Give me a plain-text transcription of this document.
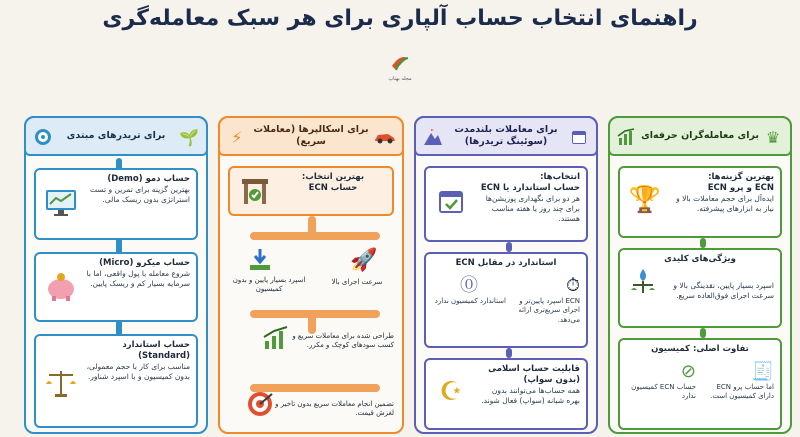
راهنمای انتخاب حساب آلپاری برای هر سبک معامله‌گری
مجله بهتاپ
برای معامله‌گران حرفه‌ای ♛
🏆
بهترین گزینه‌ها:
ECN و پرو ECN
ایده‌آل برای حجم معاملات بالا و نیاز به ابزارهای پیشرفته.
ویژگی‌های کلیدی
اسپرد بسیار پایین، نقدینگی بالا و سرعت اجرای فوق‌العاده سریع.
تفاوت اصلی: کمیسیون
🧾
اما حساب پرو ECN دارای کمیسیون است.
⊘
حساب ECN کمیسیون ندارد
برای معاملات بلندمدت (سوئینگ تریدرها)
انتخاب‌ها:
حساب استاندارد یا ECN
هر دو برای نگهداری پوزیشن‌ها برای چند روز یا هفته مناسب هستند.
استاندارد در مقابل ECN
⏱
ECN اسپرد پایین‌تر و اجرای سریع‌تری ارائه می‌دهد.
⓪
استاندارد کمیسیون ندارد
☪
قابلیت حساب اسلامی (بدون سواپ)
همه حساب‌ها می‌توانند بدون بهره شبانه (سواپ) فعال شوند.
برای اسکالپرها (معاملات سریع)
⚡
بهترین انتخاب:
حساب ECN
🚀
سرعت اجرای بالا
اسپرد بسیار پایین و بدون کمیسیون
طراحی شده برای معاملات سریع و کسب سودهای کوچک و مکرر.
تضمین انجام معاملات سریع بدون تاخیر و لغزش قیمت.
برای تریدرهای مبتدی 🌱
حساب دمو (Demo)
بهترین گزینه برای تمرین و تست استراتژی بدون ریسک مالی.
حساب میکرو (Micro)
شروع معامله با پول واقعی، اما با سرمایه بسیار کم و ریسک پایین.
حساب استاندارد (Standard)
مناسب برای کار با حجم معمولی، بدون کمیسیون و با اسپرد شناور.
